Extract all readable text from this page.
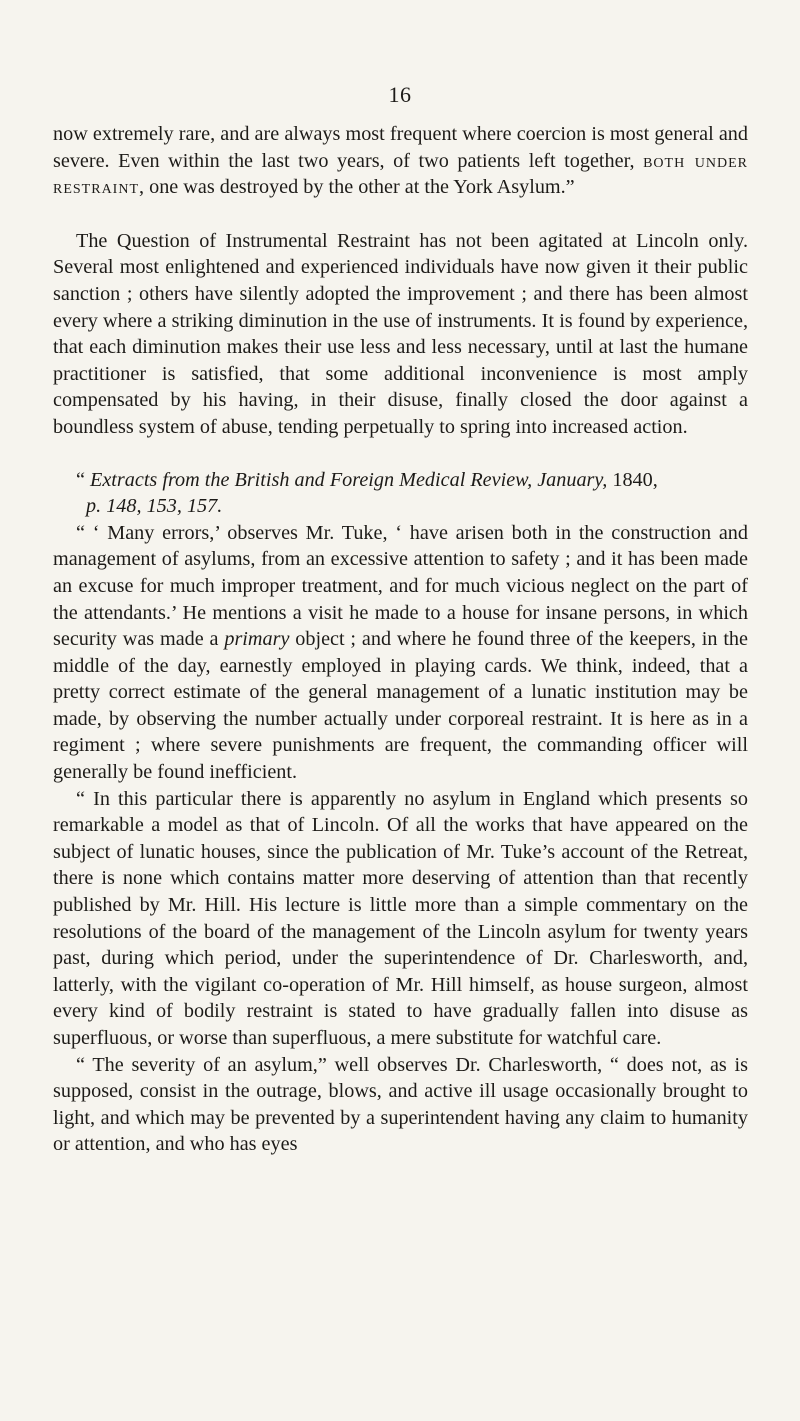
16

now extremely rare, and are always most frequent where coercion is most general and severe. Even within the last two years, of two patients left together, both under restraint, one was destroyed by the other at the York Asylum.”

The Question of Instrumental Restraint has not been agitated at Lincoln only. Several most enlightened and experienced individuals have now given it their public sanction ; others have silently adopted the improvement ; and there has been almost every where a striking diminution in the use of instruments. It is found by experience, that each diminution makes their use less and less necessary, until at last the humane practitioner is satisfied, that some additional inconvenience is most amply compensated by his having, in their disuse, finally closed the door against a boundless system of abuse, tending perpetually to spring into increased action.

“ Extracts from the British and Foreign Medical Review, January, 1840,

p. 148, 153, 157.

“ ‘ Many errors,’ observes Mr. Tuke, ‘ have arisen both in the construction and management of asylums, from an excessive attention to safety ; and it has been made an excuse for much improper treatment, and for much vicious neglect on the part of the attendants.’ He mentions a visit he made to a house for insane persons, in which security was made a primary object ; and where he found three of the keepers, in the middle of the day, earnestly employed in playing cards. We think, indeed, that a pretty correct estimate of the general management of a lunatic institution may be made, by observing the number actually under corporeal restraint. It is here as in a regiment ; where severe punishments are frequent, the commanding officer will generally be found inefficient.

“ In this particular there is apparently no asylum in England which presents so remarkable a model as that of Lincoln. Of all the works that have appeared on the subject of lunatic houses, since the publication of Mr. Tuke’s account of the Retreat, there is none which contains matter more deserving of attention than that recently published by Mr. Hill. His lecture is little more than a simple commentary on the resolutions of the board of the management of the Lincoln asylum for twenty years past, during which period, under the superintendence of Dr. Charlesworth, and, latterly, with the vigilant co-operation of Mr. Hill himself, as house surgeon, almost every kind of bodily restraint is stated to have gradually fallen into disuse as superfluous, or worse than superfluous, a mere substitute for watchful care.

“ The severity of an asylum,” well observes Dr. Charlesworth, “ does not, as is supposed, consist in the outrage, blows, and active ill usage occasionally brought to light, and which may be prevented by a superintendent having any claim to humanity or attention, and who has eyes
